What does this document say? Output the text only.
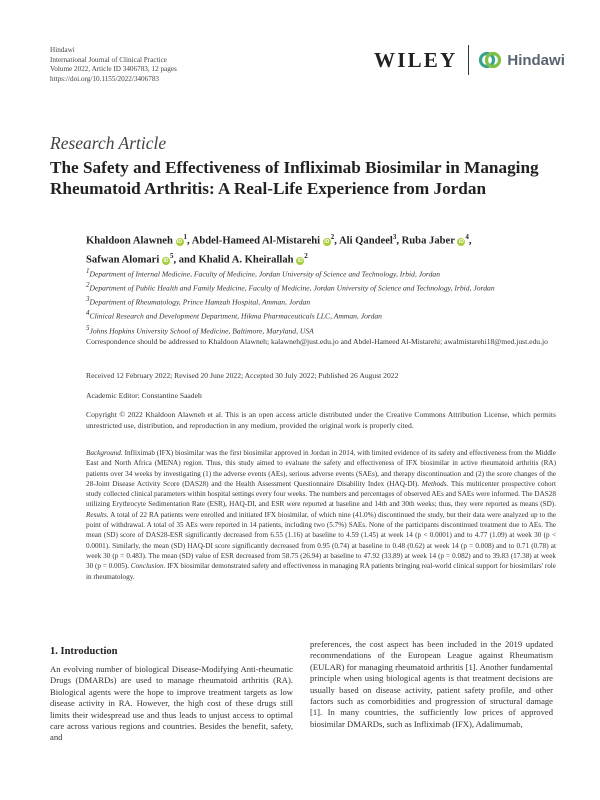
Hindawi
International Journal of Clinical Practice
Volume 2022, Article ID 3406783, 12 pages
https://doi.org/10.1155/2022/3406783
WILEY	Hindawi
Research Article
The Safety and Effectiveness of Infliximab Biosimilar in Managing Rheumatoid Arthritis: A Real-Life Experience from Jordan
Khaldoon Alawneh $iD^1$, Abdel-Hameed Al-Mistarehi $iD^2$, Ali Qandeel$^3$, Ruba Jaber $iD^4$,
Safwan Alomari $iD^5$, and Khalid A. Kheirallah $iD^2$
$^1$Department of Internal Medicine, Faculty of Medicine, Jordan University of Science and Technology, Irbid, Jordan
$^2$Department of Public Health and Family Medicine, Faculty of Medicine, Jordan University of Science and Technology, Irbid, Jordan
$^3$Department of Rheumatology, Prince Hamzah Hospital, Amman, Jordan
$^4$Clinical Research and Development Department, Hikma Pharmaceuticals LLC, Amman, Jordan
$^5$Johns Hopkins University School of Medicine, Baltimore, Maryland, USA
Correspondence should be addressed to Khaldoon Alawneh; kalawneh@just.edu.jo and Abdel-Hameed Al-Mistarehi; awalmistarehi18@med.just.edu.jo
Received 12 February 2022; Revised 20 June 2022; Accepted 30 July 2022; Published 26 August 2022
Academic Editor: Constantine Saadeh
Copyright © 2022 Khaldoon Alawneh et al. This is an open access article distributed under the Creative Commons Attribution License, which permits unrestricted use, distribution, and reproduction in any medium, provided the original work is properly cited.
Background. Infliximab (IFX) biosimilar was the first biosimilar approved in Jordan in 2014, with limited evidence of its safety and effectiveness from the Middle East and North Africa (MENA) region. Thus, this study aimed to evaluate the safety and effectiveness of IFX biosimilar in active rheumatoid arthritis (RA) patients over 34 weeks by investigating (1) the adverse events (AEs), serious adverse events (SAEs), and therapy discontinuation and (2) the score changes of the 28-Joint Disease Activity Score (DAS28) and the Health Assessment Questionnaire Disability Index (HAQ-DI). Methods. This multicenter prospective cohort study collected clinical parameters within hospital settings every four weeks. The numbers and percentages of observed AEs and SAEs were informed. The DAS28 utilizing Erythrocyte Sedimentation Rate (ESR), HAQ-DI, and ESR were reported at baseline and 14th and 30th weeks; thus, they were reported as means (SD). Results. A total of 22 RA patients were enrolled and initiated IFX biosimilar, of which nine (41.0%) discontinued the study, but their data were analyzed up to the point of withdrawal. A total of 35 AEs were reported in 14 patients, including two (5.7%) SAEs. None of the participants discontinued treatment due to AEs. The mean (SD) score of DAS28-ESR significantly decreased from 6.55 (1.16) at baseline to 4.59 (1.45) at week 14 (p < 0.0001) and to 4.77 (1.09) at week 30 (p < 0.0001). Similarly, the mean (SD) HAQ-DI score significantly decreased from 0.95 (0.74) at baseline to 0.48 (0.62) at week 14 (p = 0.008) and to 0.71 (0.78) at week 30 (p = 0.483). The mean (SD) value of ESR decreased from 58.75 (26.94) at baseline to 47.92 (33.89) at week 14 (p = 0.082) and to 39.83 (17.38) at week 30 (p = 0.005). Conclusion. IFX biosimilar demonstrated safety and effectiveness in managing RA patients bringing real-world clinical support for biosimilars' role in rheumatology.
1. Introduction
An evolving number of biological Disease-Modifying Anti-rheumatic Drugs (DMARDs) are used to manage rheumatoid arthritis (RA). Biological agents were the hope to improve treatment targets as low disease activity in RA. However, the high cost of these drugs still limits their widespread use and thus leads to unjust access to optimal care across various regions and countries. Besides the benefit, safety, and
preferences, the cost aspect has been included in the 2019 updated recommendations of the European League against Rheumatism (EULAR) for managing rheumatoid arthritis [1]. Another fundamental principle when using biological agents is that treatment decisions are usually based on disease activity, patient safety profile, and other factors such as comorbidities and progression of structural damage [1]. In many countries, the sufficiently low prices of approved biosimilar DMARDs, such as Infliximab (IFX), Adalimumab,
